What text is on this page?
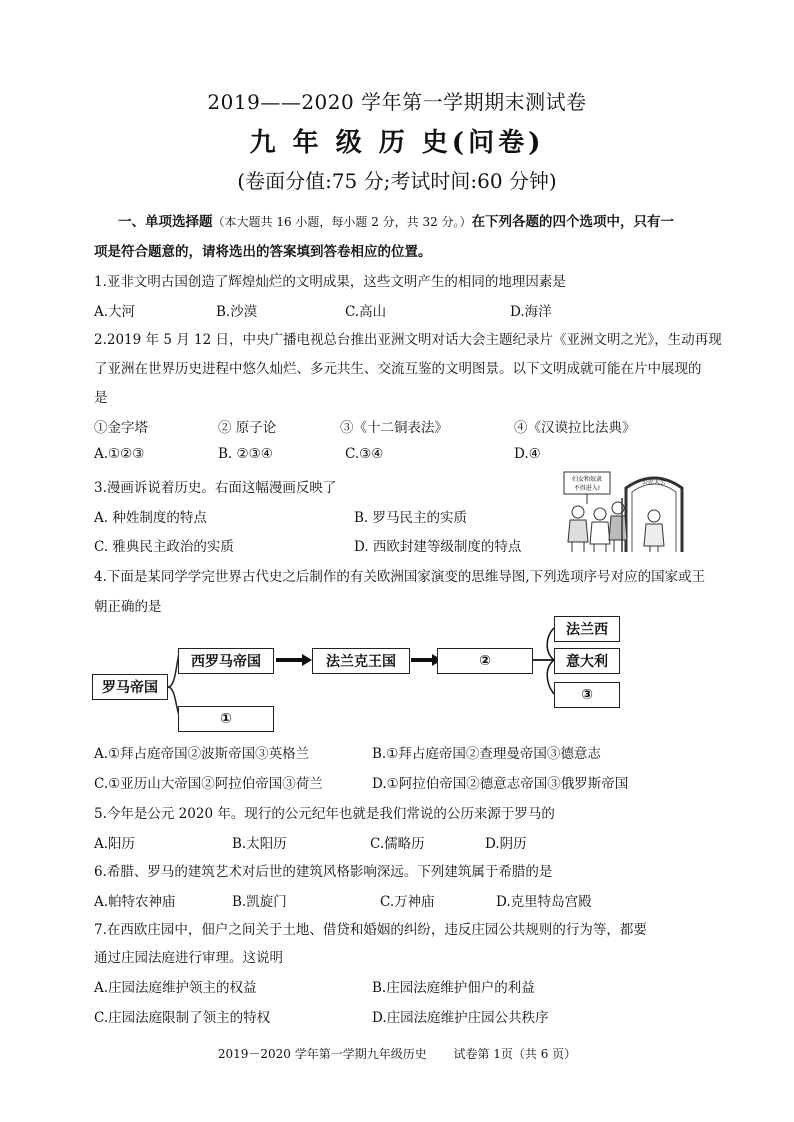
2019——2020 学年第一学期期末测试卷
九 年 级 历 史(问卷)
(卷面分值:75 分;考试时间:60 分钟)
一、单项选择题（本大题共 16 小题，每小题 2 分，共 32 分。）在下列各题的四个选项中，只有一
项是符合题意的，请将选出的答案填到答卷相应的位置。
1.亚非文明古国创造了辉煌灿烂的文明成果，这些文明产生的相同的地理因素是
A.大河	B.沙漠	C.高山	D.海洋
2.2019 年 5 月 12 日，中央广播电视总台推出亚洲文明对话大会主题纪录片《亚洲文明之光》，生动再现
了亚洲在世界历史进程中悠久灿烂、多元共生、交流互鉴的文明图景。以下文明成就可能在片中展现的
是
①金字塔	② 原子论	③《十二铜表法》	④《汉谟拉比法典》
A.①②③	B. ②③④	C.③④	D.④
3.漫画诉说着历史。右面这幅漫画反映了
A. 种姓制度的特点	B. 罗马民主的实质
C. 雅典民主政治的实质	D. 西欧封建等级制度的特点
妇女和奴隶
不得进入!
公民大会
4.下面是某同学学完世界古代史之后制作的有关欧洲国家演变的思维导图,下列选项序号对应的国家或王
朝正确的是
罗马帝国
西罗马帝国
①
法兰克王国	②
法兰西
意大利
③
A.①拜占庭帝国②波斯帝国③英格兰	B.①拜占庭帝国②查理曼帝国③德意志
C.①亚历山大帝国②阿拉伯帝国③荷兰	D.①阿拉伯帝国②德意志帝国③俄罗斯帝国
5.今年是公元 2020 年。现行的公元纪年也就是我们常说的公历来源于罗马的
A.阳历	B.太阳历	C.儒略历	D.阴历
6.希腊、罗马的建筑艺术对后世的建筑风格影响深远。下列建筑属于希腊的是
A.帕特农神庙	B.凯旋门	C.万神庙	D.克里特岛宫殿
7.在西欧庄园中，佃户之间关于土地、借贷和婚姻的纠纷，违反庄园公共规则的行为等，都要
通过庄园法庭进行审理。这说明
A.庄园法庭维护领主的权益	B.庄园法庭维护佃户的利益
C.庄园法庭限制了领主的特权	D.庄园法庭维护庄园公共秩序
2019－2020 学年第一学期九年级历史 试卷第 1页（共 6 页）
